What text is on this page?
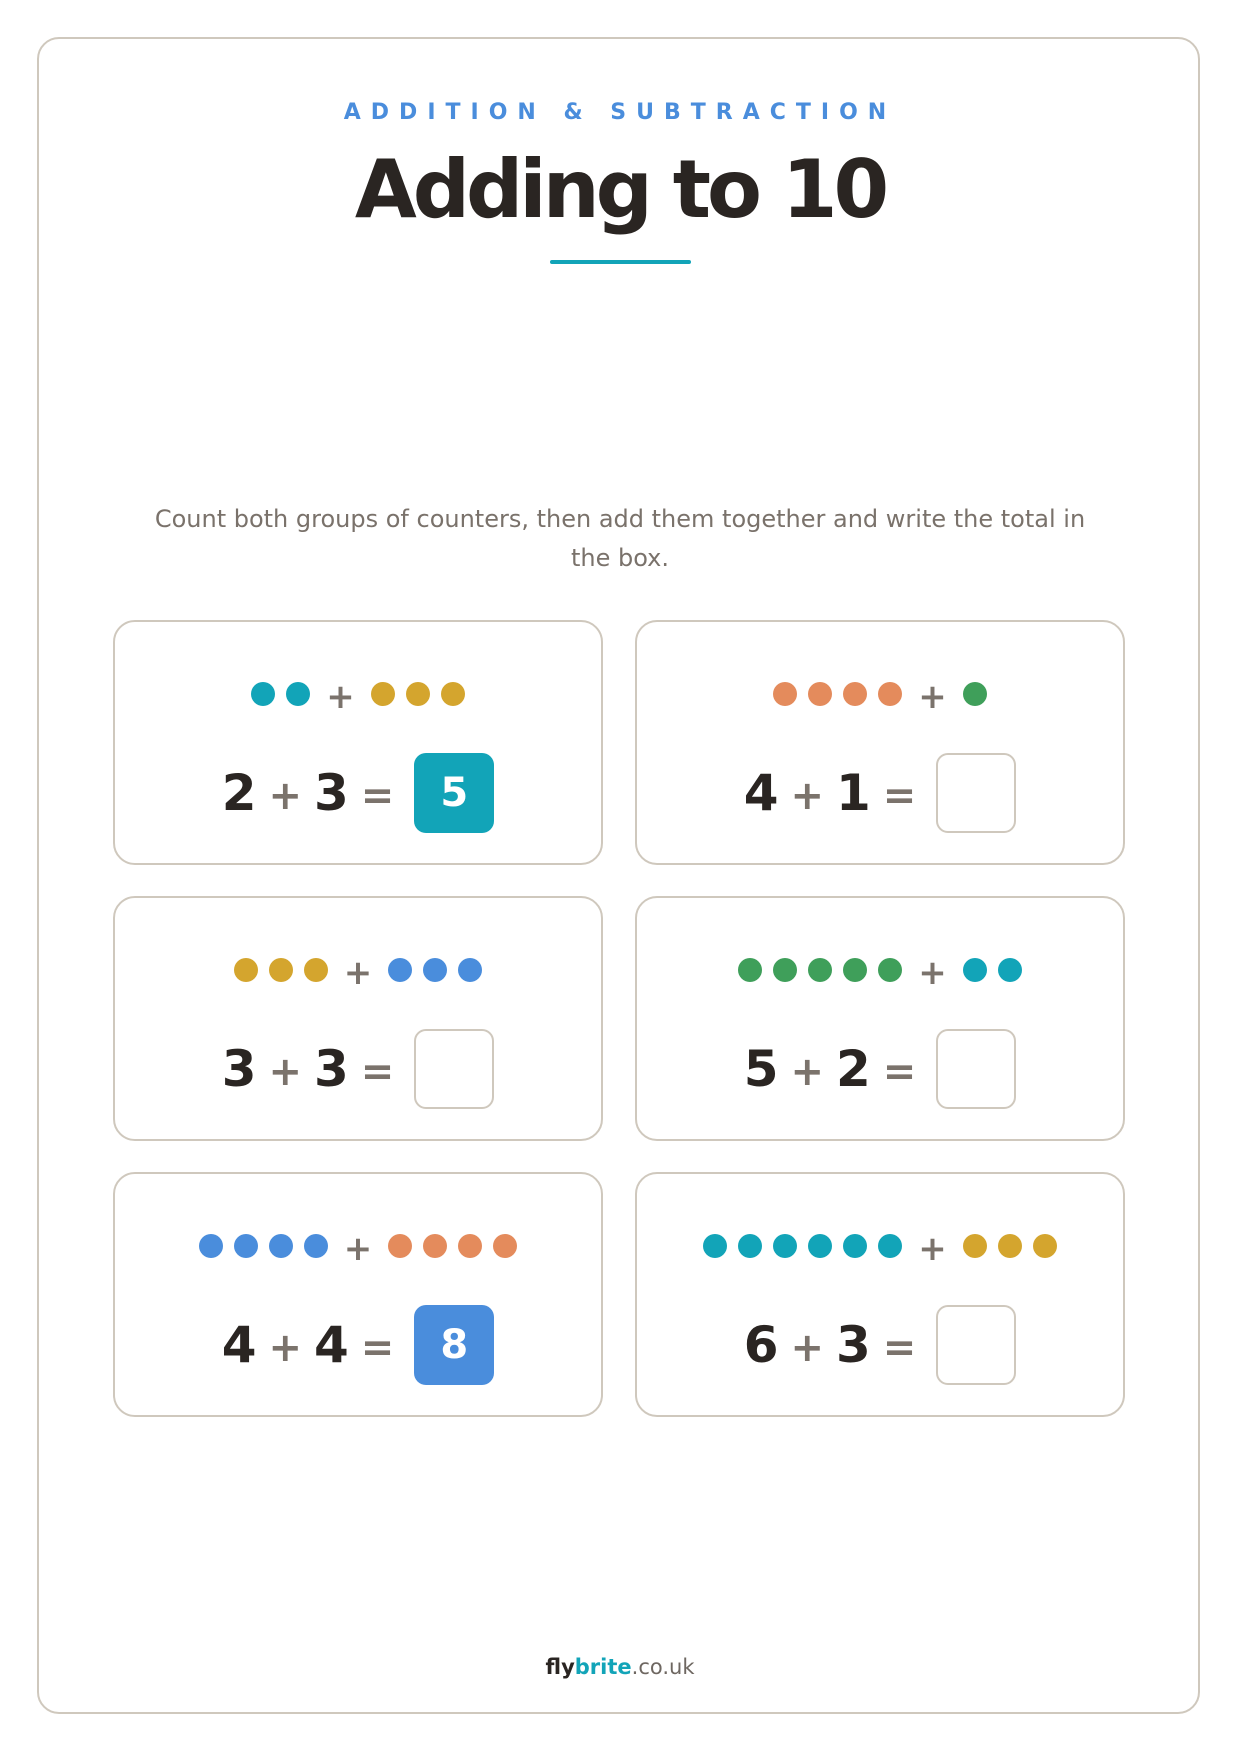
ADDITION & SUBTRACTION
Adding to 10
Count both groups of counters, then add them together and write the total in the box.
+
2 + 3 =	5
+
4 + 1 =
+
3 + 3 =
+
5 + 2 =
+
4 + 4 =	8
+
6 + 3 =
flybrite.co.uk
